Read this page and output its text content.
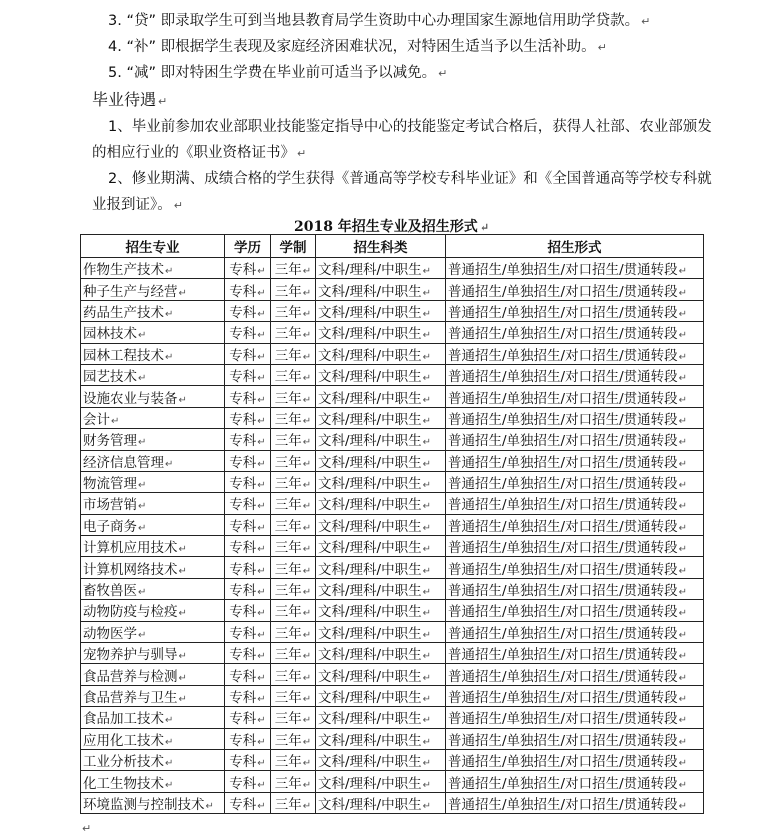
3. “贷” 即录取学生可到当地县教育局学生资助中心办理国家生源地信用助学贷款。 ↵
4. “补” 即根据学生表现及家庭经济困难状况，对特困生适当予以生活补助。 ↵
5. “减” 即对特困生学费在毕业前可适当予以减免。 ↵
毕业待遇 ↵
1、毕业前参加农业部职业技能鉴定指导中心的技能鉴定考试合格后，获得人社部、农业部颁发
的相应行业的《职业资格证书》 ↵
2、修业期满、成绩合格的学生获得《普通高等学校专科毕业证》和《全国普通高等学校专科就
业报到证》。 ↵
2018 年招生专业及招生形式 ↵
招生专业	学历	学制	招生科类	招生形式
作物生产技术↵	专科↵	三年↵	文科/理科/中职生↵	普通招生/单独招生/对口招生/贯通转段↵
种子生产与经营↵	专科↵	三年↵	文科/理科/中职生↵	普通招生/单独招生/对口招生/贯通转段↵
药品生产技术↵	专科↵	三年↵	文科/理科/中职生↵	普通招生/单独招生/对口招生/贯通转段↵
园林技术↵	专科↵	三年↵	文科/理科/中职生↵	普通招生/单独招生/对口招生/贯通转段↵
园林工程技术↵	专科↵	三年↵	文科/理科/中职生↵	普通招生/单独招生/对口招生/贯通转段↵
园艺技术↵	专科↵	三年↵	文科/理科/中职生↵	普通招生/单独招生/对口招生/贯通转段↵
设施农业与装备↵	专科↵	三年↵	文科/理科/中职生↵	普通招生/单独招生/对口招生/贯通转段↵
会计↵	专科↵	三年↵	文科/理科/中职生↵	普通招生/单独招生/对口招生/贯通转段↵
财务管理↵	专科↵	三年↵	文科/理科/中职生↵	普通招生/单独招生/对口招生/贯通转段↵
经济信息管理↵	专科↵	三年↵	文科/理科/中职生↵	普通招生/单独招生/对口招生/贯通转段↵
物流管理↵	专科↵	三年↵	文科/理科/中职生↵	普通招生/单独招生/对口招生/贯通转段↵
市场营销↵	专科↵	三年↵	文科/理科/中职生↵	普通招生/单独招生/对口招生/贯通转段↵
电子商务↵	专科↵	三年↵	文科/理科/中职生↵	普通招生/单独招生/对口招生/贯通转段↵
计算机应用技术↵	专科↵	三年↵	文科/理科/中职生↵	普通招生/单独招生/对口招生/贯通转段↵
计算机网络技术↵	专科↵	三年↵	文科/理科/中职生↵	普通招生/单独招生/对口招生/贯通转段↵
畜牧兽医↵	专科↵	三年↵	文科/理科/中职生↵	普通招生/单独招生/对口招生/贯通转段↵
动物防疫与检疫↵	专科↵	三年↵	文科/理科/中职生↵	普通招生/单独招生/对口招生/贯通转段↵
动物医学↵	专科↵	三年↵	文科/理科/中职生↵	普通招生/单独招生/对口招生/贯通转段↵
宠物养护与驯导↵	专科↵	三年↵	文科/理科/中职生↵	普通招生/单独招生/对口招生/贯通转段↵
食品营养与检测↵	专科↵	三年↵	文科/理科/中职生↵	普通招生/单独招生/对口招生/贯通转段↵
食品营养与卫生↵	专科↵	三年↵	文科/理科/中职生↵	普通招生/单独招生/对口招生/贯通转段↵
食品加工技术↵	专科↵	三年↵	文科/理科/中职生↵	普通招生/单独招生/对口招生/贯通转段↵
应用化工技术↵	专科↵	三年↵	文科/理科/中职生↵	普通招生/单独招生/对口招生/贯通转段↵
工业分析技术↵	专科↵	三年↵	文科/理科/中职生↵	普通招生/单独招生/对口招生/贯通转段↵
化工生物技术↵	专科↵	三年↵	文科/理科/中职生↵	普通招生/单独招生/对口招生/贯通转段↵
环境监测与控制技术↵	专科↵	三年↵	文科/理科/中职生↵	普通招生/单独招生/对口招生/贯通转段↵
↵
